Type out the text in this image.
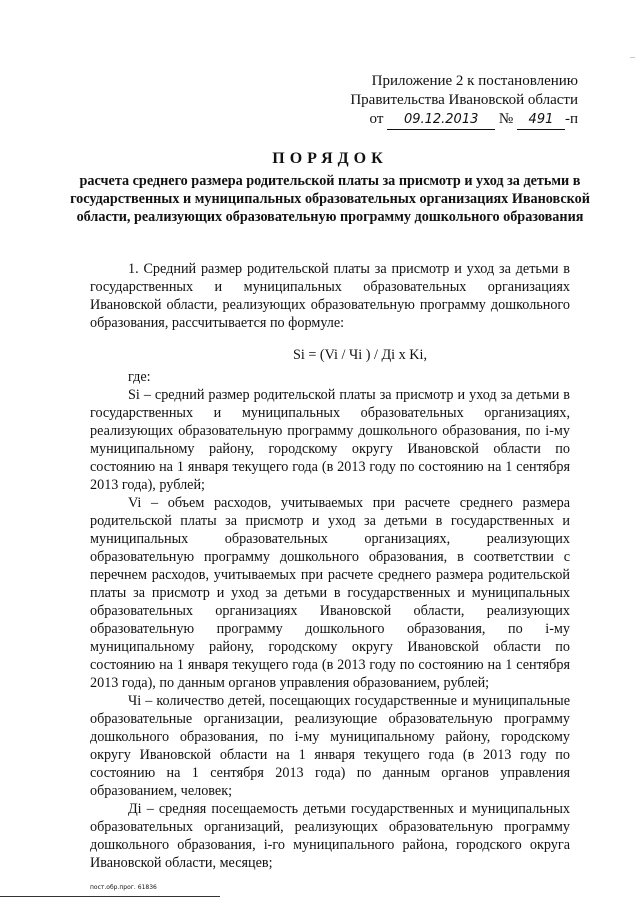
–
Приложение 2 к постановлению
Правительства Ивановской области
от 09.12.2013 № 491 -п
ПОРЯДОК
расчета среднего размера родительской платы за присмотр и уход за детьми в государственных и муниципальных образовательных организациях Ивановской области, реализующих образовательную программу дошкольного образования

1. Средний размер родительской платы за присмотр и уход за детьми в государственных и муниципальных образовательных организациях Ивановской области, реализующих образовательную программу дошкольного образования, рассчитывается по формуле:

Si = (Vi / Чi ) / Дi x Ki,
где:

Si – средний размер родительской платы за присмотр и уход за детьми в государственных и муниципальных образовательных организациях, реализующих образовательную программу дошкольного образования, по i-му муниципальному району, городскому округу Ивановской области по состоянию на 1 января текущего года (в 2013 году по состоянию на 1 сентября 2013 года), рублей;

Vi – объем расходов, учитываемых при расчете среднего размера родительской платы за присмотр и уход за детьми в государственных и муниципальных образовательных организациях, реализующих образовательную программу дошкольного образования, в соответствии с перечнем расходов, учитываемых при расчете среднего размера родительской платы за присмотр и уход за детьми в государственных и муниципальных образовательных организациях Ивановской области, реализующих образовательную программу дошкольного образования, по i-му муниципальному району, городскому округу Ивановской области по состоянию на 1 января текущего года (в 2013 году по состоянию на 1 сентября 2013 года), по данным органов управления образованием, рублей;

Чi – количество детей, посещающих государственные и муниципальные образовательные организации, реализующие образовательную программу дошкольного образования, по i-му муниципальному району, городскому округу Ивановской области на 1 января текущего года (в 2013 году по состоянию на 1 сентября 2013 года) по данным органов управления образованием, человек;

Дi – средняя посещаемость детьми государственных и муниципальных образовательных организаций, реализующих образовательную программу дошкольного образования, i-го муниципального района, городского округа Ивановской области, месяцев;

пост.обр.прог. 61836
